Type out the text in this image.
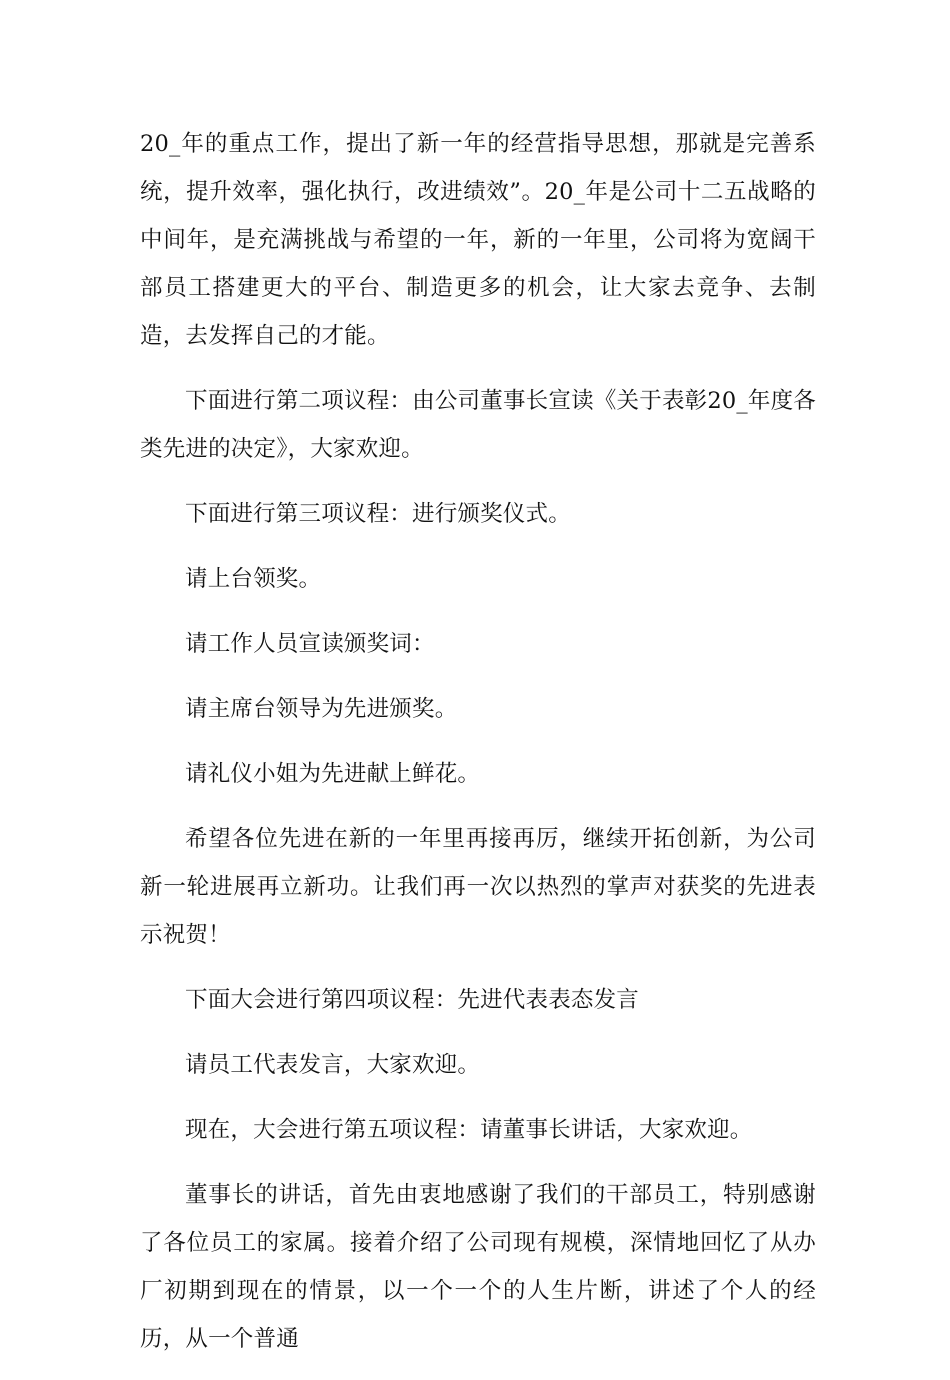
20_年的重点工作，提出了新一年的经营指导思想，那就是完善系统，提升效率，强化执行，改进绩效”。20_年是公司十二五战略的中间年，是充满挑战与希望的一年，新的一年里，公司将为宽阔干部员工搭建更大的平台、制造更多的机会，让大家去竞争、去制造，去发挥自己的才能。

下面进行第二项议程：由公司董事长宣读《关于表彰20_年度各类先进的决定》，大家欢迎。

下面进行第三项议程：进行颁奖仪式。

请上台领奖。

请工作人员宣读颁奖词：

请主席台领导为先进颁奖。

请礼仪小姐为先进献上鲜花。

希望各位先进在新的一年里再接再厉，继续开拓创新，为公司新一轮进展再立新功。让我们再一次以热烈的掌声对获奖的先进表示祝贺！

下面大会进行第四项议程：先进代表表态发言

请员工代表发言，大家欢迎。

现在，大会进行第五项议程：请董事长讲话，大家欢迎。

董事长的讲话，首先由衷地感谢了我们的干部员工，特别感谢了各位员工的家属。接着介绍了公司现有规模，深情地回忆了从办厂初期到现在的情景，以一个一个的人生片断，讲述了个人的经历，从一个普通
